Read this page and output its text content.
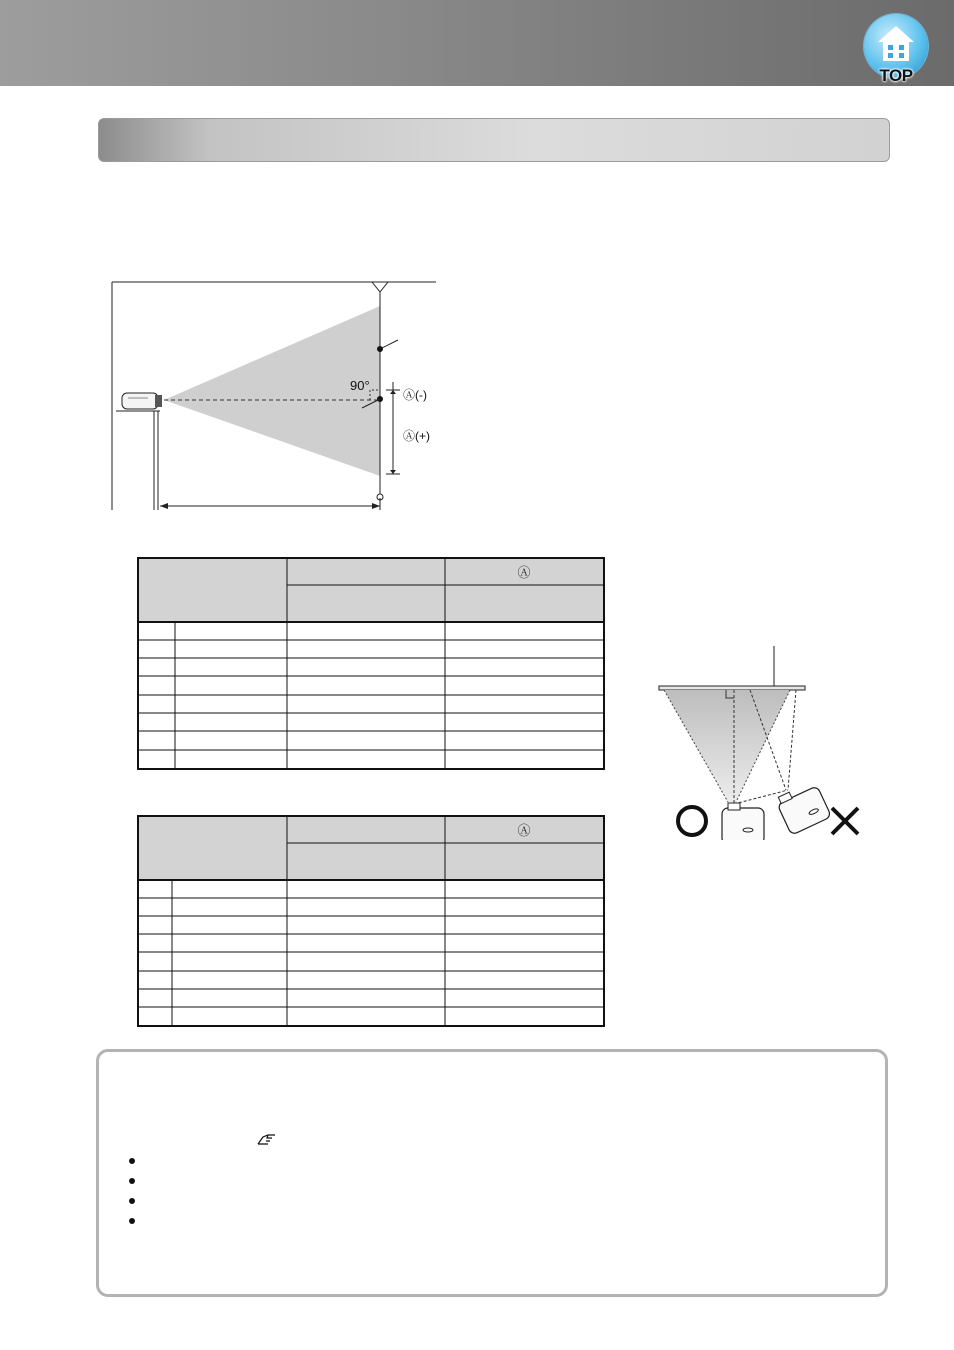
TOP
90°
Ⓐ(-)
Ⓐ(+)
Ⓐ
Ⓐ
